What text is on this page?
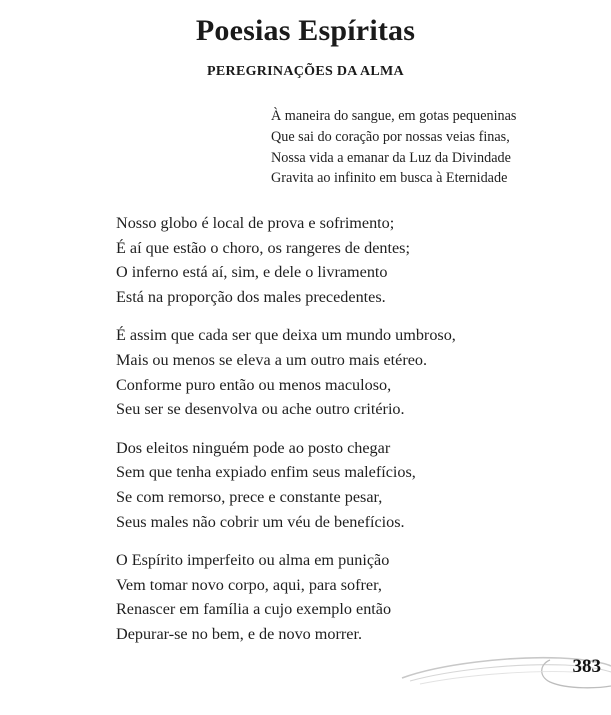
Poesias Espíritas
PEREGRINAÇÕES DA ALMA
À maneira do sangue, em gotas pequeninas
Que sai do coração por nossas veias finas,
Nossa vida a emanar da Luz da Divindade
Gravita ao infinito em busca à Eternidade
Nosso globo é local de prova e sofrimento;
É aí que estão o choro, os rangeres de dentes;
O inferno está aí, sim, e dele o livramento
Está na proporção dos males precedentes.
É assim que cada ser que deixa um mundo umbroso,
Mais ou menos se eleva a um outro mais etéreo.
Conforme puro então ou menos maculoso,
Seu ser se desenvolva ou ache outro critério.
Dos eleitos ninguém pode ao posto chegar
Sem que tenha expiado enfim seus malefícios,
Se com remorso, prece e constante pesar,
Seus males não cobrir um véu de benefícios.
O Espírito imperfeito ou alma em punição
Vem tomar novo corpo, aqui, para sofrer,
Renascer em família a cujo exemplo então
Depurar-se no bem, e de novo morrer.
383
